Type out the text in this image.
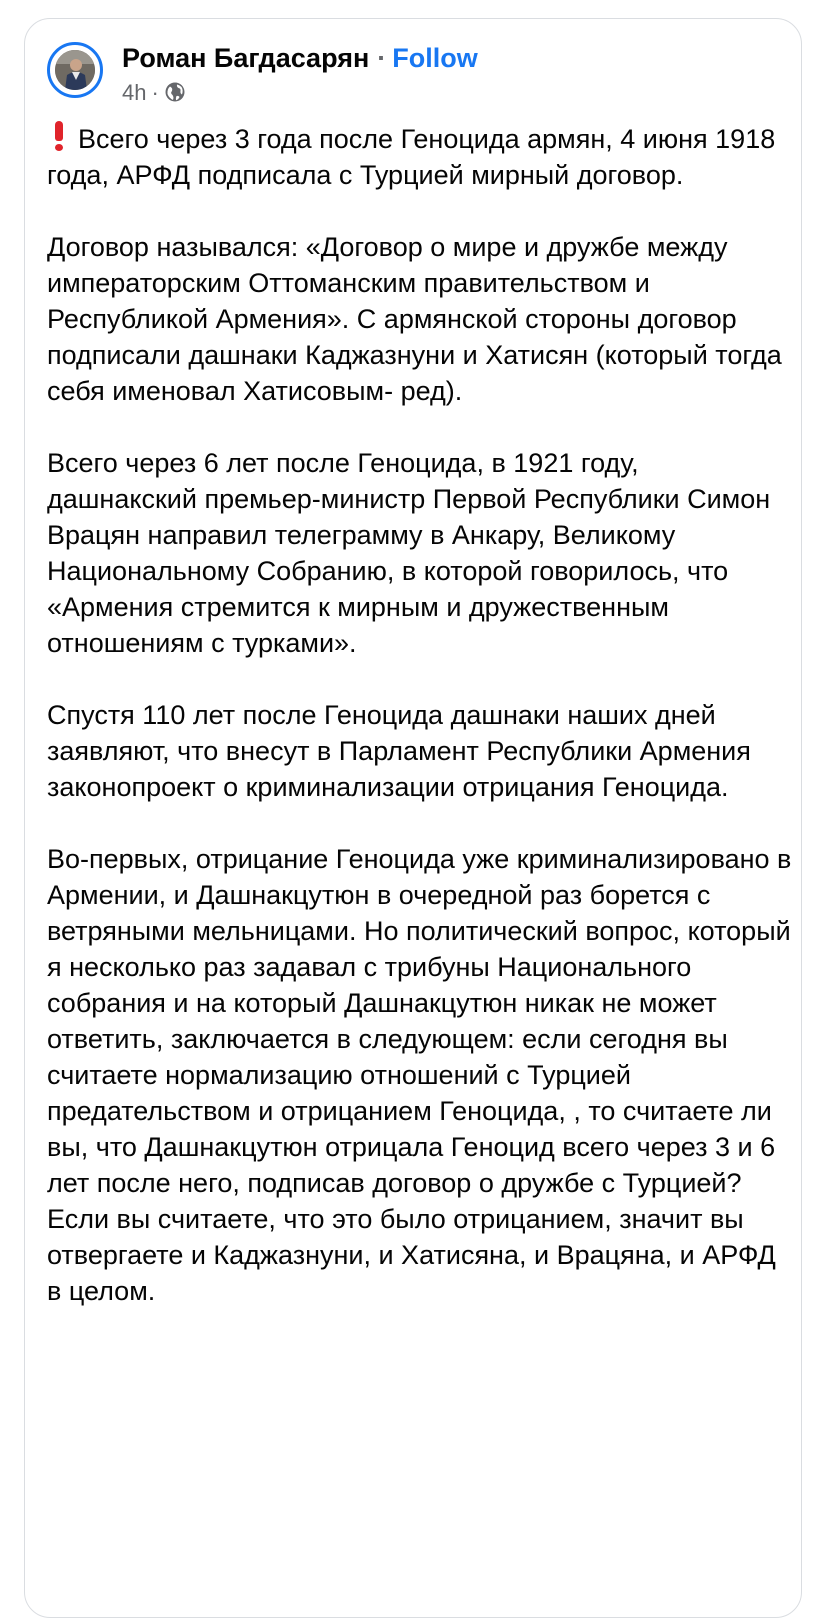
Роман Багдасарян · Follow
4h ·

Всего через 3 года после Геноцида армян, 4 июня 1918 года, АРФД подписала с Турцией мирный договор.

Договор назывался: «Договор о мире и дружбе между императорским Оттоманским правительством и Республикой Армения». С армянской стороны договор подписали дашнаки Каджазнуни и Хатисян (который тогда себя именовал Хатисовым- ред).

Всего через 6 лет после Геноцида, в 1921 году, дашнакский премьер-министр Первой Республики Симон Врацян направил телеграмму в Анкару, Великому Национальному Собранию, в которой говорилось, что «Армения стремится к мирным и дружественным отношениям с турками».

Спустя 110 лет после Геноцида дашнаки наших дней заявляют, что внесут в Парламент Республики Армения законопроект о криминализации отрицания Геноцида.

Во-первых, отрицание Геноцида уже криминализировано в Армении, и Дашнакцутюн в очередной раз борется с ветряными мельницами. Но политический вопрос, который я несколько раз задавал с трибуны Национального собрания и на который Дашнакцутюн никак не может ответить, заключается в следующем: если сегодня вы считаете нормализацию отношений с Турцией предательством и отрицанием Геноцида, , то считаете ли вы, что Дашнакцутюн отрицала Геноцид всего через 3 и 6 лет после него, подписав договор о дружбе с Турцией? Если вы считаете, что это было отрицанием, значит вы отвергаете и Каджазнуни, и Хатисяна, и Врацяна, и АРФД в целом.
